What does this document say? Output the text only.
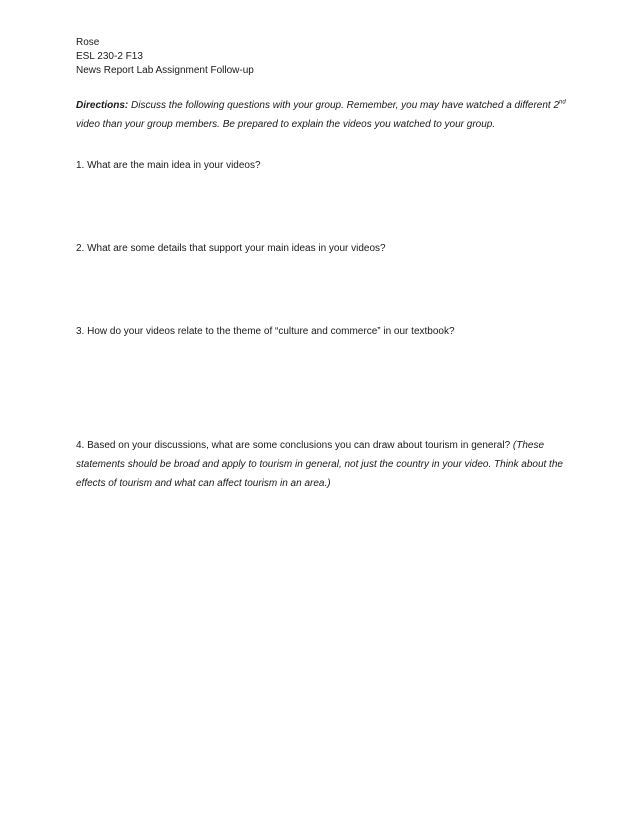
Rose
ESL 230-2 F13
News Report Lab Assignment Follow-up
Directions: Discuss the following questions with your group. Remember, you may have watched a different 2nd video than your group members. Be prepared to explain the videos you watched to your group.
1. What are the main idea in your videos?
2. What are some details that support your main ideas in your videos?
3. How do your videos relate to the theme of “culture and commerce” in our textbook?
4. Based on your discussions, what are some conclusions you can draw about tourism in general? (These statements should be broad and apply to tourism in general, not just the country in your video. Think about the effects of tourism and what can affect tourism in an area.)
